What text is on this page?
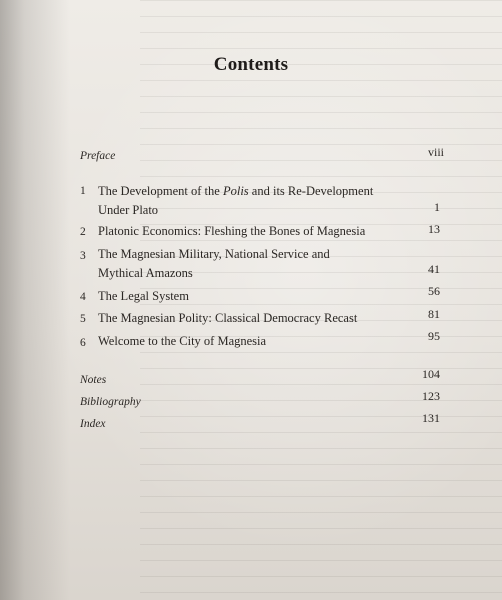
Contents
Preface	viii
1 The Development of the Polis and its Re-Development
Under Plato	1
2 Platonic Economics: Fleshing the Bones of Magnesia	13
3 The Magnesian Military, National Service and
Mythical Amazons	41
4 The Legal System	56
5 The Magnesian Polity: Classical Democracy Recast	81
6 Welcome to the City of Magnesia	95
Notes	104
Bibliography	123
Index	131
